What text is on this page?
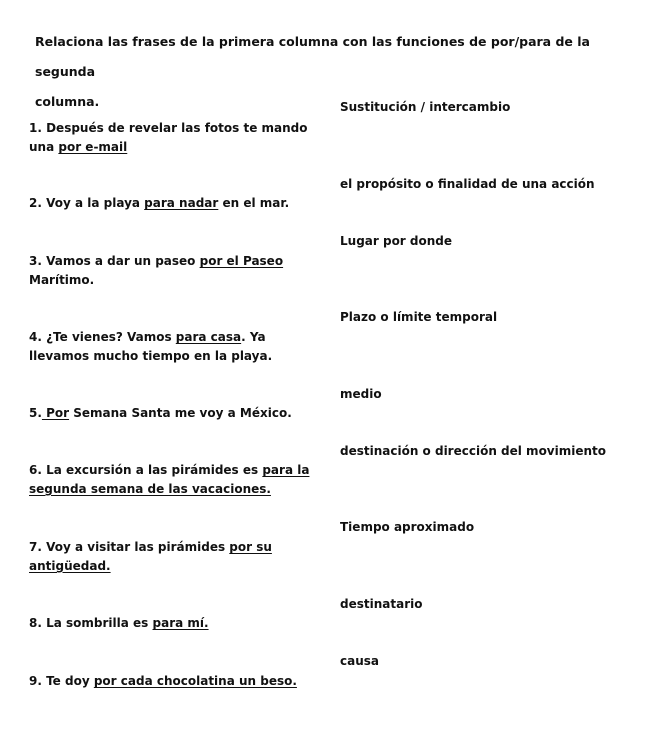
Relaciona las frases de la primera columna con las funciones de por/para de la segunda
columna.	Sustitución / intercambio
el propósito o finalidad de una acción
Lugar por donde
Plazo o límite temporal
medio
destinación o dirección del movimiento
Tiempo aproximado
destinatario
causa
1. Después de revelar las fotos te mando
una por e-mail
2. Voy a la playa para nadar en el mar.
3. Vamos a dar un paseo por el Paseo
Marítimo.
4. ¿Te vienes? Vamos para casa. Ya
llevamos mucho tiempo en la playa.
5. Por Semana Santa me voy a México.
6. La excursión a las pirámides es para la
segunda semana de las vacaciones.
7. Voy a visitar las pirámides por su
antigüedad.
8. La sombrilla es para mí.
9. Te doy por cada chocolatina un beso.
